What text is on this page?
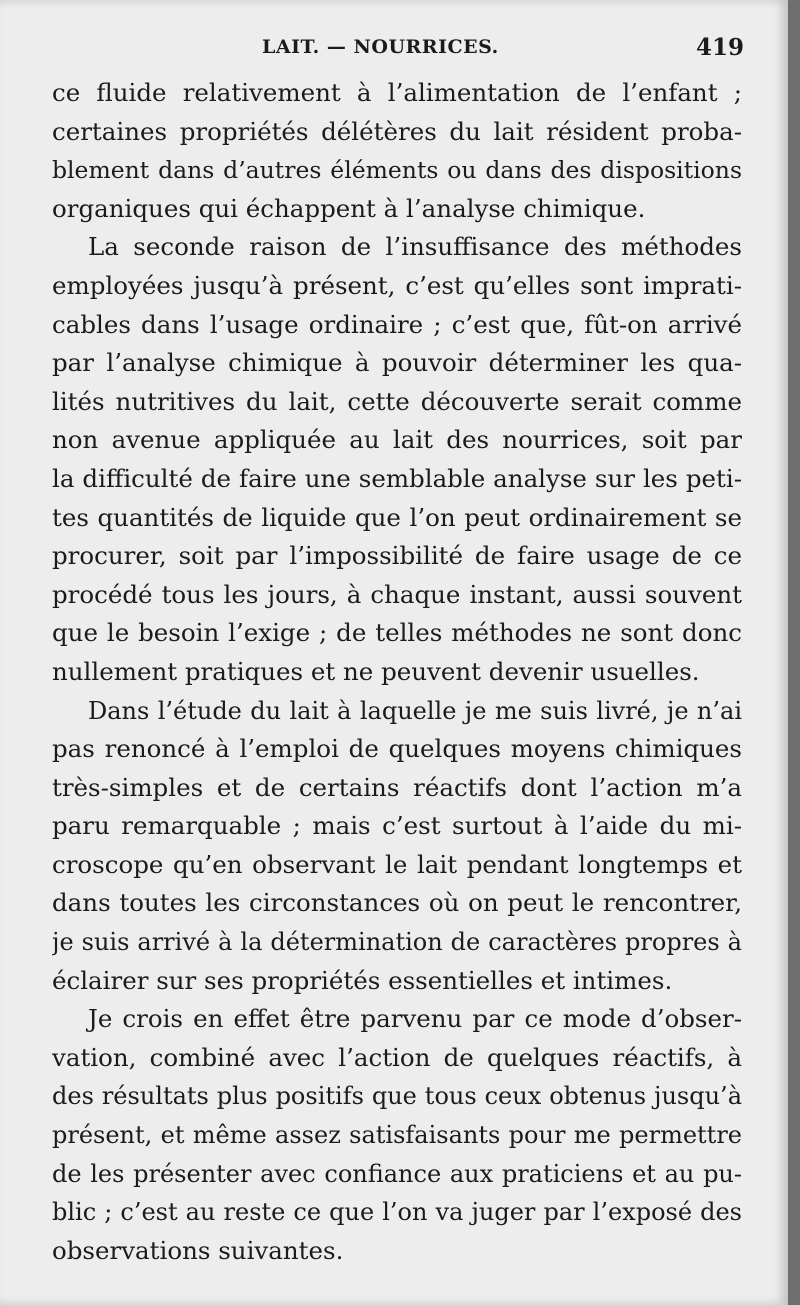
LAIT. — NOURRICES.	419
ce fluide relativement à l’alimentation de l’enfant ;
certaines propriétés délétères du lait résident proba-
blement dans d’autres éléments ou dans des dispositions
organiques qui échappent à l’analyse chimique.
La seconde raison de l’insuffisance des méthodes
employées jusqu’à présent, c’est qu’elles sont imprati-
cables dans l’usage ordinaire ; c’est que, fût-on arrivé
par l’analyse chimique à pouvoir déterminer les qua-
lités nutritives du lait, cette découverte serait comme
non avenue appliquée au lait des nourrices, soit par
la difficulté de faire une semblable analyse sur les peti-
tes quantités de liquide que l’on peut ordinairement se
procurer, soit par l’impossibilité de faire usage de ce
procédé tous les jours, à chaque instant, aussi souvent
que le besoin l’exige ; de telles méthodes ne sont donc
nullement pratiques et ne peuvent devenir usuelles.
Dans l’étude du lait à laquelle je me suis livré, je n’ai
pas renoncé à l’emploi de quelques moyens chimiques
très-simples et de certains réactifs dont l’action m’a
paru remarquable ; mais c’est surtout à l’aide du mi-
croscope qu’en observant le lait pendant longtemps et
dans toutes les circonstances où on peut le rencontrer,
je suis arrivé à la détermination de caractères propres à
éclairer sur ses propriétés essentielles et intimes.
Je crois en effet être parvenu par ce mode d’obser-
vation, combiné avec l’action de quelques réactifs, à
des résultats plus positifs que tous ceux obtenus jusqu’à
présent, et même assez satisfaisants pour me permettre
de les présenter avec confiance aux praticiens et au pu-
blic ; c’est au reste ce que l’on va juger par l’exposé des
observations suivantes.
